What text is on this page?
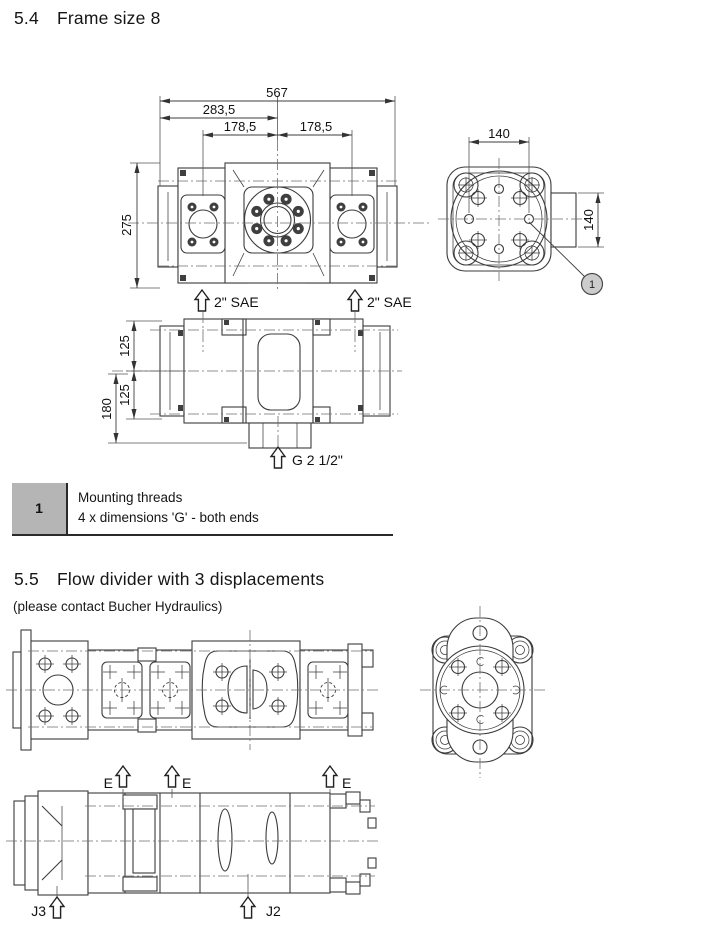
5.4	Frame size 8
567
283,5
178,5	178,5
275
140
140
1
125
125
180
2" SAE	2" SAE
G 2 1/2"
E	E	E
J3	J2
1
Mounting threads
4 x dimensions 'G' - both ends
5.5	Flow divider with 3 displacements
(please contact Bucher Hydraulics)
